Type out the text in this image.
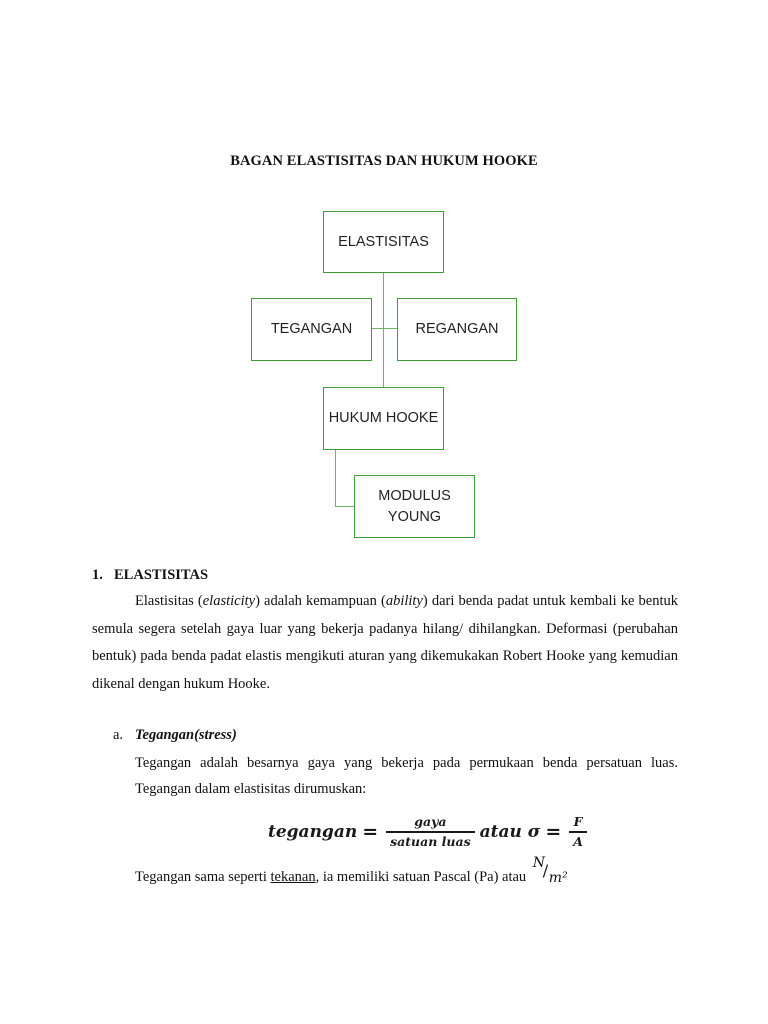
BAGAN ELASTISITAS DAN HUKUM HOOKE
ELASTISITAS
TEGANGAN	REGANGAN
HUKUM HOOKE
MODULUS
YOUNG
1. ELASTISITAS
Elastisitas (elasticity) adalah kemampuan (ability) dari benda padat untuk kembali ke bentuk semula segera setelah gaya luar yang bekerja padanya hilang/ dihilangkan. Deformasi (perubahan bentuk) pada benda padat elastis mengikuti aturan yang dikemukakan Robert Hooke yang kemudian dikenal dengan hukum Hooke.
a. Tegangan(stress)
Tegangan adalah besarnya gaya yang bekerja pada permukaan benda persatuan luas. Tegangan dalam elastisitas dirumuskan:
tegangan = $\frac{\text{gaya}}{\text{satuan luas}}$ atau $\sigma = \frac{F}{A}$
Tegangan sama seperti tekanan, ia memiliki satuan Pascal (Pa) atau
N
/ m²
